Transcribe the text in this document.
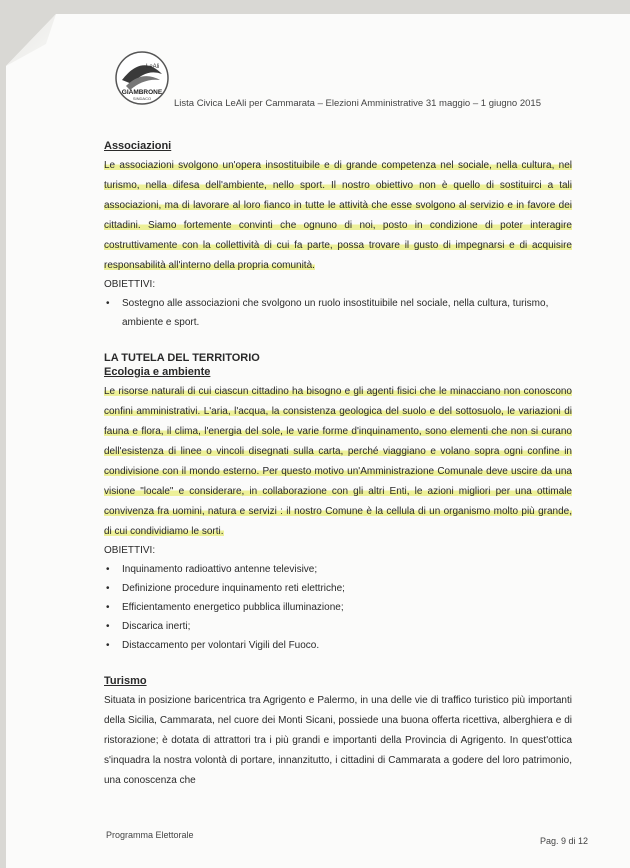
LeAli
GIAMBRONE
SINDACO Lista Civica LeAli per Cammarata – Elezioni Amministrative 31 maggio – 1 giugno 2015
Associazioni

Le associazioni svolgono un'opera insostituibile e di grande competenza nel sociale, nella cultura, nel turismo, nella difesa dell'ambiente, nello sport. Il nostro obiettivo non è quello di sostituirci a tali associazioni, ma di lavorare al loro fianco in tutte le attività che esse svolgono al servizio e in favore dei cittadini. Siamo fortemente convinti che ognuno di noi, posto in condizione di poter interagire costruttivamente con la collettività di cui fa parte, possa trovare il gusto di impegnarsi e di acquisire responsabilità all'interno della propria comunità.

OBIETTIVI:

• Sostegno alle associazioni che svolgono un ruolo insostituibile nel sociale, nella cultura, turismo, ambiente e sport.
LA TUTELA DEL TERRITORIO
Ecologia e ambiente

Le risorse naturali di cui ciascun cittadino ha bisogno e gli agenti fisici che le minacciano non conoscono confini amministrativi. L'aria, l'acqua, la consistenza geologica del suolo e del sottosuolo, le variazioni di fauna e flora, il clima, l'energia del sole, le varie forme d'inquinamento, sono elementi che non si curano dell'esistenza di linee o vincoli disegnati sulla carta, perché viaggiano e volano sopra ogni confine in condivisione con il mondo esterno. Per questo motivo un'Amministrazione Comunale deve uscire da una visione "locale" e considerare, in collaborazione con gli altri Enti, le azioni migliori per una ottimale convivenza fra uomini, natura e servizi : il nostro Comune è la cellula di un organismo molto più grande, di cui condividiamo le sorti.

OBIETTIVI:

• Inquinamento radioattivo antenne televisive;
• Definizione procedure inquinamento reti elettriche;
• Efficientamento energetico pubblica illuminazione;
• Discarica inerti;
• Distaccamento per volontari Vigili del Fuoco.
Turismo

Situata in posizione baricentrica tra Agrigento e Palermo, in una delle vie di traffico turistico più importanti della Sicilia, Cammarata, nel cuore dei Monti Sicani, possiede una buona offerta ricettiva, alberghiera e di ristorazione; è dotata di attrattori tra i più grandi e importanti della Provincia di Agrigento. In quest'ottica s'inquadra la nostra volontà di portare, innanzitutto, i cittadini di Cammarata a godere del loro patrimonio, una conoscenza che

Programma Elettorale
Pag. 9 di 12
